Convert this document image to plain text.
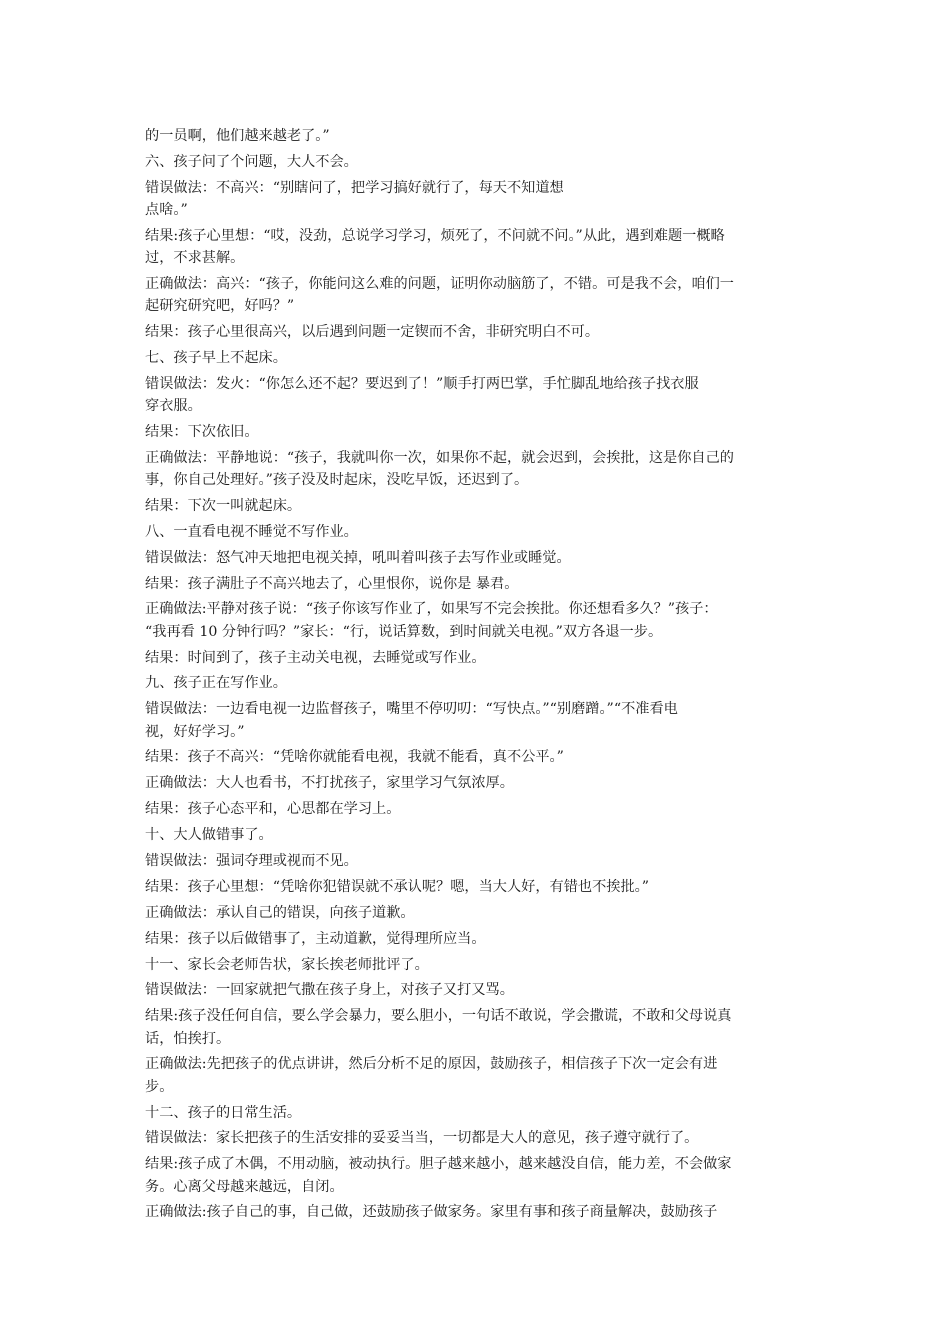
的一员啊，他们越来越老了。”
六、孩子问了个问题，大人不会。
错误做法：不高兴：“别瞎问了，把学习搞好就行了，每天不知道想
点啥。”
结果:孩子心里想：“哎，没劲，总说学习学习，烦死了，不问就不问。”从此，遇到难题一概略
过，不求甚解。
正确做法：高兴：“孩子，你能问这么难的问题，证明你动脑筋了，不错。可是我不会，咱们一
起研究研究吧，好吗？”
结果：孩子心里很高兴，以后遇到问题一定锲而不舍，非研究明白不可。
七、孩子早上不起床。
错误做法：发火：“你怎么还不起？要迟到了！”顺手打两巴掌，手忙脚乱地给孩子找衣服
穿衣服。
结果：下次依旧。
正确做法：平静地说：“孩子，我就叫你一次，如果你不起，就会迟到，会挨批，这是你自己的
事，你自己处理好。”孩子没及时起床，没吃早饭，还迟到了。
结果：下次一叫就起床。
八、一直看电视不睡觉不写作业。
错误做法：怒气冲天地把电视关掉，吼叫着叫孩子去写作业或睡觉。
结果：孩子满肚子不高兴地去了，心里恨你，说你是 暴君。
正确做法:平静对孩子说：“孩子你该写作业了，如果写不完会挨批。你还想看多久？”孩子：
“我再看 10 分钟行吗？”家长：“行，说话算数，到时间就关电视。”双方各退一步。
结果：时间到了，孩子主动关电视，去睡觉或写作业。
九、孩子正在写作业。
错误做法：一边看电视一边监督孩子，嘴里不停叨叨：“写快点。”“别磨蹭。”“不准看电
视，好好学习。”
结果：孩子不高兴：“凭啥你就能看电视，我就不能看，真不公平。”
正确做法：大人也看书，不打扰孩子，家里学习气氛浓厚。
结果：孩子心态平和，心思都在学习上。
十、大人做错事了。
错误做法：强词夺理或视而不见。
结果：孩子心里想：“凭啥你犯错误就不承认呢？嗯，当大人好，有错也不挨批。”
正确做法：承认自己的错误，向孩子道歉。
结果：孩子以后做错事了，主动道歉，觉得理所应当。
十一、家长会老师告状，家长挨老师批评了。
错误做法：一回家就把气撒在孩子身上，对孩子又打又骂。
结果:孩子没任何自信，要么学会暴力，要么胆小，一句话不敢说，学会撒谎，不敢和父母说真
话，怕挨打。
正确做法:先把孩子的优点讲讲，然后分析不足的原因，鼓励孩子，相信孩子下次一定会有进
步。
十二、孩子的日常生活。
错误做法：家长把孩子的生活安排的妥妥当当，一切都是大人的意见，孩子遵守就行了。
结果:孩子成了木偶，不用动脑，被动执行。胆子越来越小，越来越没自信，能力差，不会做家
务。心离父母越来越远，自闭。
正确做法:孩子自己的事，自己做，还鼓励孩子做家务。家里有事和孩子商量解决，鼓励孩子
